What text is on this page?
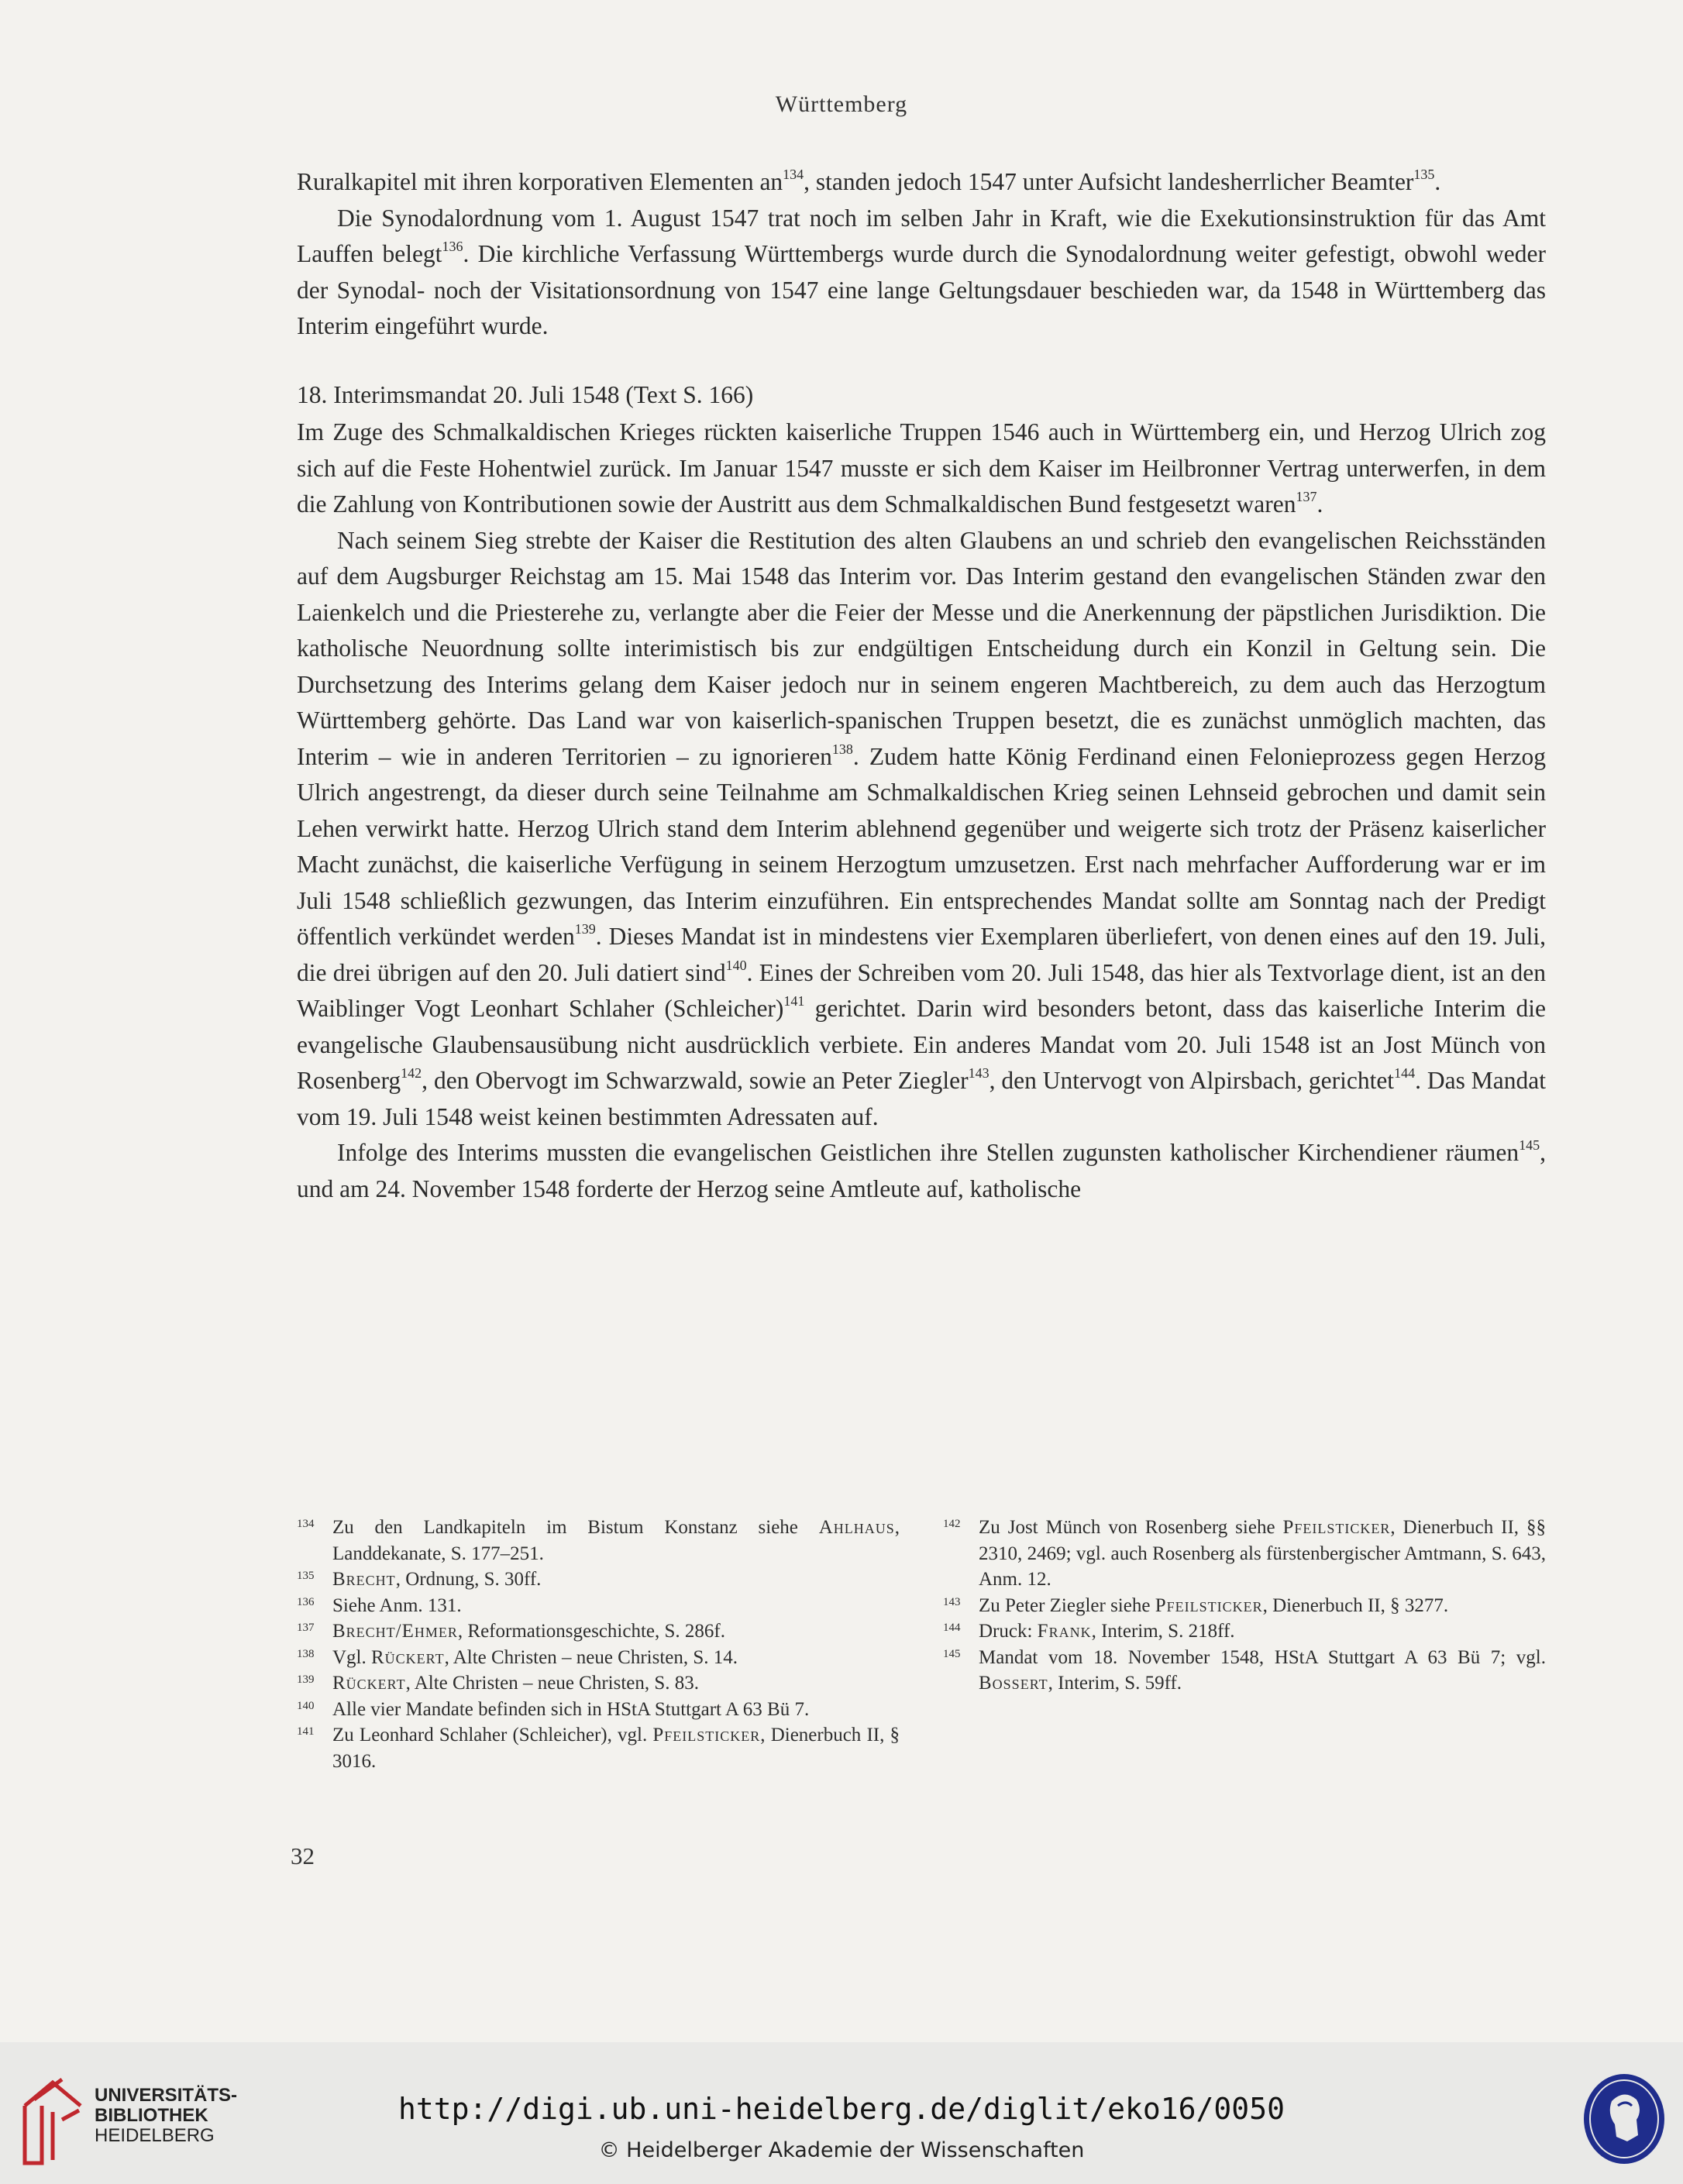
Württemberg

Ruralkapitel mit ihren korporativen Elementen $an^{134}$, standen jedoch 1547 unter Aufsicht landesherrlicher Beamter$^{135}$.

Die Synodalordnung vom 1. August 1547 trat noch im selben Jahr in Kraft, wie die Exekutionsinstruktion für das Amt Lauffen belegt$^{136}$. Die kirchliche Verfassung Württembergs wurde durch die Synodalordnung weiter gefestigt, obwohl weder der Synodal- noch der Visitationsordnung von 1547 eine lange Geltungsdauer beschieden war, da 1548 in Württemberg das Interim eingeführt wurde.

18. Interimsmandat 20. Juli 1548 (Text S. 166)

Im Zuge des Schmalkaldischen Krieges rückten kaiserliche Truppen 1546 auch in Württemberg ein, und Herzog Ulrich zog sich auf die Feste Hohentwiel zurück. Im Januar 1547 musste er sich dem Kaiser im Heilbronner Vertrag unterwerfen, in dem die Zahlung von Kontributionen sowie der Austritt aus dem Schmalkaldischen Bund festgesetzt waren$^{137}$.

Nach seinem Sieg strebte der Kaiser die Restitution des alten Glaubens an und schrieb den evangelischen Reichsständen auf dem Augsburger Reichstag am 15. Mai 1548 das Interim vor. Das Interim gestand den evangelischen Ständen zwar den Laienkelch und die Priesterehe zu, verlangte aber die Feier der Messe und die Anerkennung der päpstlichen Jurisdiktion. Die katholische Neuordnung sollte interimistisch bis zur endgültigen Entscheidung durch ein Konzil in Geltung sein. Die Durchsetzung des Interims gelang dem Kaiser jedoch nur in seinem engeren Machtbereich, zu dem auch das Herzogtum Württemberg gehörte. Das Land war von kaiserlich-spanischen Truppen besetzt, die es zunächst unmöglich machten, das Interim – wie in anderen Territorien – zu ignorieren$^{138}$. Zudem hatte König Ferdinand einen Felonieprozess gegen Herzog Ulrich angestrengt, da dieser durch seine Teilnahme am Schmalkaldischen Krieg seinen Lehnseid gebrochen und damit sein Lehen verwirkt hatte. Herzog Ulrich stand dem Interim ablehnend gegenüber und weigerte sich trotz der Präsenz kaiserlicher Macht zunächst, die kaiserliche Verfügung in seinem Herzogtum umzusetzen. Erst nach mehrfacher Aufforderung war er im Juli 1548 schließlich gezwungen, das Interim einzuführen. Ein entsprechendes Mandat sollte am Sonntag nach der Predigt öffentlich verkündet werden$^{139}$. Dieses Mandat ist in mindestens vier Exemplaren überliefert, von denen eines auf den 19. Juli, die drei übrigen auf den 20. Juli datiert sind$^{140}$. Eines der Schreiben vom 20. Juli 1548, das hier als Textvorlage dient, ist an den Waiblinger Vogt Leonhart Schlaher (Schleicher)$^{141}$ gerichtet. Darin wird besonders betont, dass das kaiserliche Interim die evangelische Glaubensausübung nicht ausdrücklich verbiete. Ein anderes Mandat vom 20. Juli 1548 ist an Jost Münch von Rosenberg$^{142}$, den Obervogt im Schwarzwald, sowie an Peter Ziegler$^{143}$, den Untervogt von Alpirsbach, gerichtet$^{144}$. Das Mandat vom 19. Juli 1548 weist keinen bestimmten Adressaten auf.

Infolge des Interims mussten die evangelischen Geistlichen ihre Stellen zugunsten katholischer Kirchendiener räumen$^{145}$, und am 24. November 1548 forderte der Herzog seine Amtleute auf, katholische

134 Zu den Landkapiteln im Bistum Konstanz siehe Ahlhaus, Landdekanate, S. 177–251.
135 Brecht, Ordnung, S. 30ff.
136 Siehe Anm. 131.
137 Brecht/Ehmer, Reformationsgeschichte, S. 286f.
138 Vgl. Rückert, Alte Christen – neue Christen, S. 14.
139 Rückert, Alte Christen – neue Christen, S. 83.
140 Alle vier Mandate befinden sich in HStA Stuttgart A 63 Bü 7.
141 Zu Leonhard Schlaher (Schleicher), vgl. Pfeilsticker, Dienerbuch II, § 3016.
142 Zu Jost Münch von Rosenberg siehe Pfeilsticker, Dienerbuch II, §§ 2310, 2469; vgl. auch Rosenberg als fürstenbergischer Amtmann, S. 643, Anm. 12.
143 Zu Peter Ziegler siehe Pfeilsticker, Dienerbuch II, § 3277.
144 Druck: Frank, Interim, S. 218ff.
145 Mandat vom 18. November 1548, HStA Stuttgart A 63 Bü 7; vgl. Bossert, Interim, S. 59ff.
32
UNIVERSITÄTS-
BIBLIOTHEK
HEIDELBERG
http://digi.ub.uni-heidelberg.de/diglit/eko16/0050
© Heidelberger Akademie der Wissenschaften
